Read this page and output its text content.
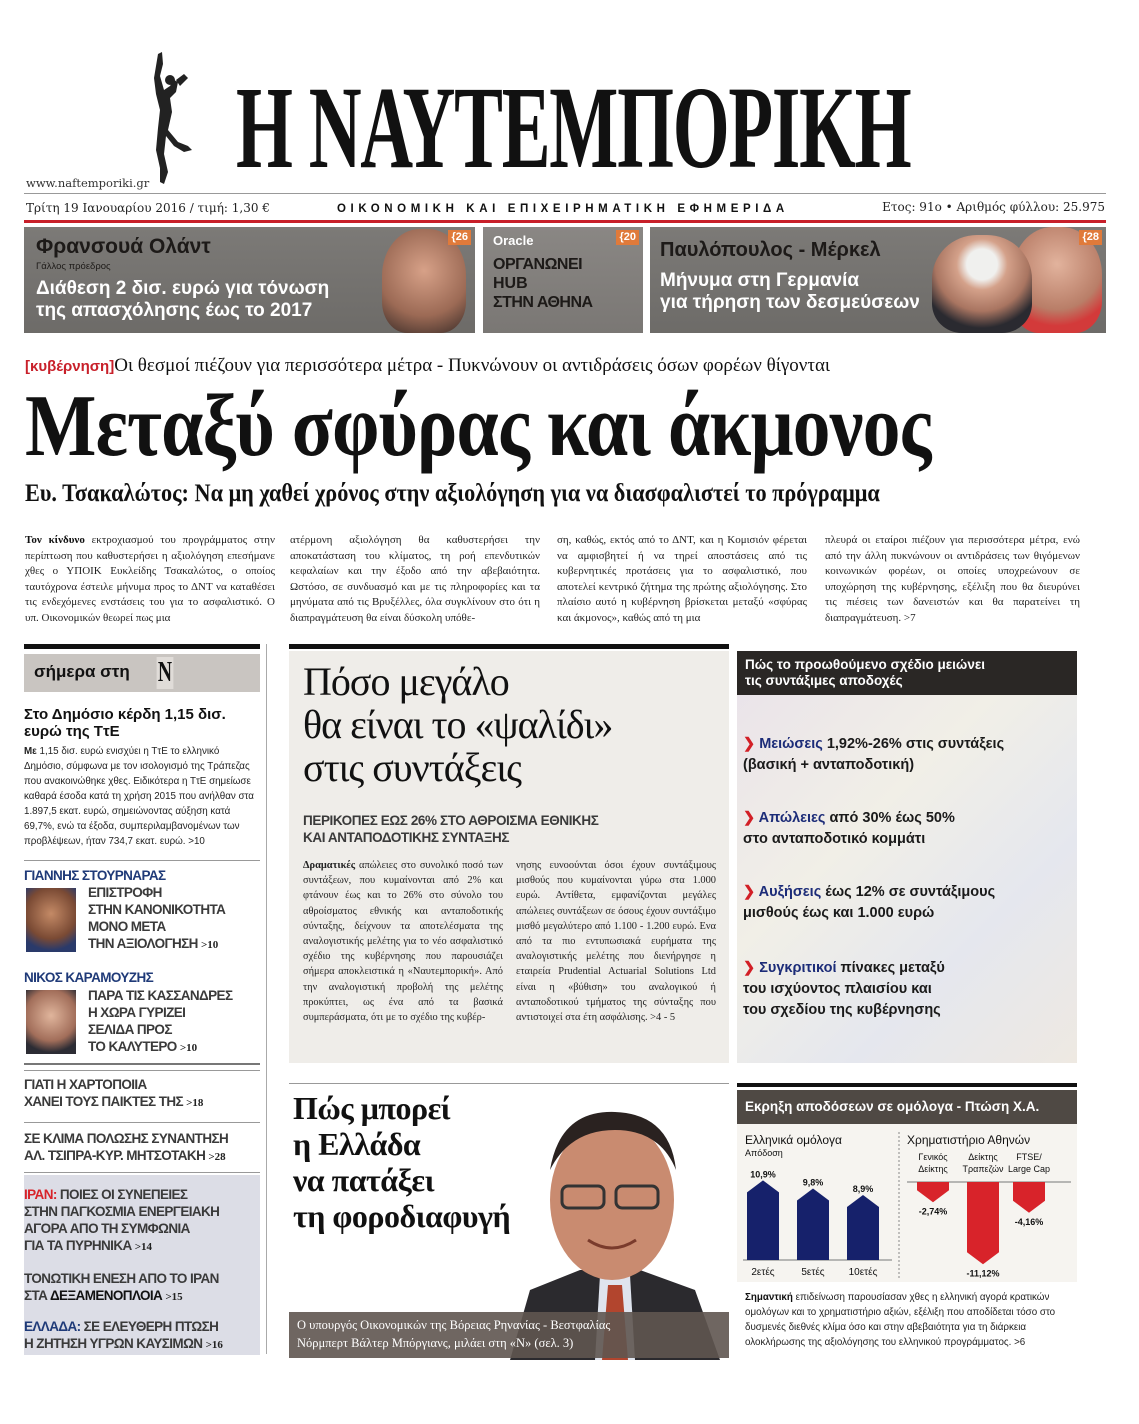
Η ΝΑΥΤΕΜΠΟΡΙΚΗ
www.naftemporiki.gr
Τρίτη 19 Ιανουαρίου 2016 / τιμή: 1,30 €	ΟΙΚΟΝΟΜΙΚΗ ΚΑΙ ΕΠΙΧΕΙΡΗΜΑΤΙΚΗ ΕΦΗΜΕΡΙΔΑ	Ετος: 91ο • Αριθμός φύλλου: 25.975
Φρανσουά Ολάντ
Γάλλος πρόεδρος
Διάθεση 2 δισ. ευρώ για τόνωση
της απασχόλησης έως το 2017
{26 Oracle
ΟΡΓΑΝΩΝΕΙ
HUB
ΣΤΗΝ ΑΘΗΝΑ
{20
Παυλόπουλος - Μέρκελ
Μήνυμα στη Γερμανία
για τήρηση των δεσμεύσεων
{28
[κυβέρνηση]Οι θεσμοί πιέζουν για περισσότερα μέτρα - Πυκνώνουν οι αντιδράσεις όσων φορέων θίγονται
Μεταξύ σφύρας και άκμονος
Ευ. Τσακαλώτος: Να μη χαθεί χρόνος στην αξιολόγηση για να διασφαλιστεί το πρόγραμμα
Τον κίνδυνο εκτροχιασμού του προγράμματος στην περίπτωση που καθυστερήσει η αξιολόγηση επεσήμανε χθες ο ΥΠΟΙΚ Ευκλείδης Τσακαλώτος, ο οποίος ταυτόχρονα έστειλε μήνυμα προς το ΔΝΤ να καταθέσει τις ενδεχόμενες ενστάσεις του για το ασφαλιστικό. Ο υπ. Οικονομικών θεωρεί πως μια
ατέρμονη αξιολόγηση θα καθυστερήσει την αποκατάσταση του κλίματος, τη ροή επενδυτικών κεφαλαίων και την έξοδο από την αβεβαιότητα. Ωστόσο, σε συνδυασμό και με τις πληροφορίες και τα μηνύματα από τις Βρυξέλλες, όλα συγκλίνουν στο ότι η διαπραγμάτευση θα είναι δύσκολη υπόθε-
ση, καθώς, εκτός από το ΔΝΤ, και η Κομισιόν φέρεται να αμφισβητεί ή να τηρεί αποστάσεις από τις κυβερνητικές προτάσεις για το ασφαλιστικό, που αποτελεί κεντρικό ζήτημα της πρώτης αξιολόγησης. Στο πλαίσιο αυτό η κυβέρνηση βρίσκεται μεταξύ «σφύρας και άκμονος», καθώς από τη μια
πλευρά οι εταίροι πιέζουν για περισσότερα μέτρα, ενώ από την άλλη πυκνώνουν οι αντιδράσεις των θιγόμενων κοινωνικών φορέων, οι οποίες υποχρεώνουν σε υποχώρηση της κυβέρνησης, εξέλιξη που θα διευρύνει τις πιέσεις των δανειστών και θα παρατείνει τη διαπραγμάτευση. >7
σήμερα στη N
Στο Δημόσιο κέρδη 1,15 δισ. ευρώ της ΤτΕ
Με 1,15 δισ. ευρώ ενισχύει η ΤτΕ το ελληνικό Δημόσιο, σύμφωνα με τον ισολογισμό της Τράπεζας που ανακοινώθηκε χθες. Ειδικότερα η ΤτΕ σημείωσε καθαρά έσοδα κατά τη χρήση 2015 που ανήλθαν στα 1.897,5 εκατ. ευρώ, σημειώνοντας αύξηση κατά 69,7%, ενώ τα έξοδα, συμπεριλαμβανομένων των προβλέψεων, ήταν 734,7 εκατ. ευρώ. >10
ΓΙΑΝΝΗΣ ΣΤΟΥΡΝΑΡΑΣ
ΕΠΙΣΤΡΟΦΗ
ΣΤΗΝ ΚΑΝΟΝΙΚΟΤΗΤΑ
ΜΟΝΟ ΜΕΤΑ
ΤΗΝ ΑΞΙΟΛΟΓΗΣΗ >10
ΝΙΚΟΣ ΚΑΡΑΜΟΥΖΗΣ
ΠΑΡΑ ΤΙΣ ΚΑΣΣΑΝΔΡΕΣ
Η ΧΩΡΑ ΓΥΡΙΖΕΙ
ΣΕΛΙΔΑ ΠΡΟΣ
ΤΟ ΚΑΛΥΤΕΡΟ >10
ΓΙΑΤΙ Η ΧΑΡΤΟΠΟΙΙΑ
ΧΑΝΕΙ ΤΟΥΣ ΠΑΙΚΤΕΣ ΤΗΣ >18
ΣΕ ΚΛΙΜΑ ΠΟΛΩΣΗΣ ΣΥΝΑΝΤΗΣΗ
ΑΛ. ΤΣΙΠΡΑ-ΚΥΡ. ΜΗΤΣΟΤΑΚΗ >28
ΙΡΑΝ: ΠΟΙΕΣ ΟΙ ΣΥΝΕΠΕΙΕΣ
ΣΤΗΝ ΠΑΓΚΟΣΜΙΑ ΕΝΕΡΓΕΙΑΚΗ
ΑΓΟΡΑ ΑΠΟ ΤΗ ΣΥΜΦΩΝΙΑ
ΓΙΑ ΤΑ ΠΥΡΗΝΙΚΑ >14
ΤΟΝΩΤΙΚΗ ΕΝΕΣΗ ΑΠΟ ΤΟ ΙΡΑΝ
ΣΤΑ ΔΕΞΑΜΕΝΟΠΛΟΙΑ >15
ΕΛΛΑΔΑ: ΣΕ ΕΛΕΥΘΕΡΗ ΠΤΩΣΗ
Η ΖΗΤΗΣΗ ΥΓΡΩΝ ΚΑΥΣΙΜΩΝ >16
Πόσο μεγάλο
θα είναι το «ψαλίδι»
στις συντάξεις
ΠΕΡΙΚΟΠΕΣ ΕΩΣ 26% ΣΤΟ ΑΘΡΟΙΣΜΑ ΕΘΝΙΚΗΣ
ΚΑΙ ΑΝΤΑΠΟΔΟΤΙΚΗΣ ΣΥΝΤΑΞΗΣ
Δραματικές απώλειες στο συνολικό ποσό των συντάξεων, που κυμαίνονται από 2% και φτάνουν έως και το 26% στο σύνολο του αθροίσματος εθνικής και ανταποδοτικής σύνταξης, δείχνουν τα αποτελέσματα της αναλογιστικής μελέτης για το νέο ασφαλιστικό σχέδιο της κυβέρνησης που παρουσιάζει σήμερα αποκλειστικά η «Ναυτεμπορική». Από την αναλογιστική προβολή της μελέτης προκύπτει, ως ένα από τα βασικά συμπεράσματα, ότι με το σχέδιο της κυβέρ-
νησης ευνοούνται όσοι έχουν συντάξιμους μισθούς που κυμαίνονται γύρω στα 1.000 ευρώ. Αντίθετα, εμφανίζονται μεγάλες απώλειες συντάξεων σε όσους έχουν συντάξιμο μισθό μεγαλύτερο από 1.100 - 1.200 ευρώ. Ενα από τα πιο εντυπωσιακά ευρήματα της αναλογιστικής μελέτης που διενήργησε η εταιρεία Prudential Actuarial Solutions Ltd είναι η «βύθιση» του αναλογικού ή ανταποδοτικού τμήματος της σύνταξης που αντιστοιχεί στα έτη ασφάλισης. >4 - 5
Πώς το προωθούμενο σχέδιο μειώνει
τις συντάξιμες αποδοχές
❯ Μειώσεις 1,92%-26% στις συντάξεις
(βασική + ανταποδοτική)
❯ Απώλειες από 30% έως 50%
στο ανταποδοτικό κομμάτι
❯ Αυξήσεις έως 12% σε συντάξιμους
μισθούς έως και 1.000 ευρώ
❯ Συγκριτικοί πίνακες μεταξύ
του ισχύοντος πλαισίου και
του σχεδίου της κυβέρνησης
Πώς μπορεί
η Ελλάδα
να πατάξει
τη φοροδιαφυγή
Ο υπουργός Οικονομικών της Βόρειας Ρηνανίας - Βεστφαλίας
Νόρμπερτ Βάλτερ Μπόργιανς, μιλάει στη «Ν» (σελ. 3)
Εκρηξη αποδόσεων σε ομόλογα - Πτώση Χ.Α.
Ελληνικά ομόλογα
Απόδοση
10,9%
2ετές
9,8%
5ετές
8,9%
10ετές
Χρηματιστήριο Αθηνών
Γενικός
Δείκτης
-2,74%
Δείκτης
Τραπεζών
-11,12%
FTSE/
Large Cap
-4,16%
Σημαντική επιδείνωση παρουσίασαν χθες η ελληνική αγορά κρατικών ομολόγων και το χρηματιστήριο αξιών, εξέλιξη που αποδίδεται τόσο στο δυσμενές διεθνές κλίμα όσο και στην αβεβαιότητα για τη διάρκεια ολοκλήρωσης της αξιολόγησης του ελληνικού προγράμματος. >6
